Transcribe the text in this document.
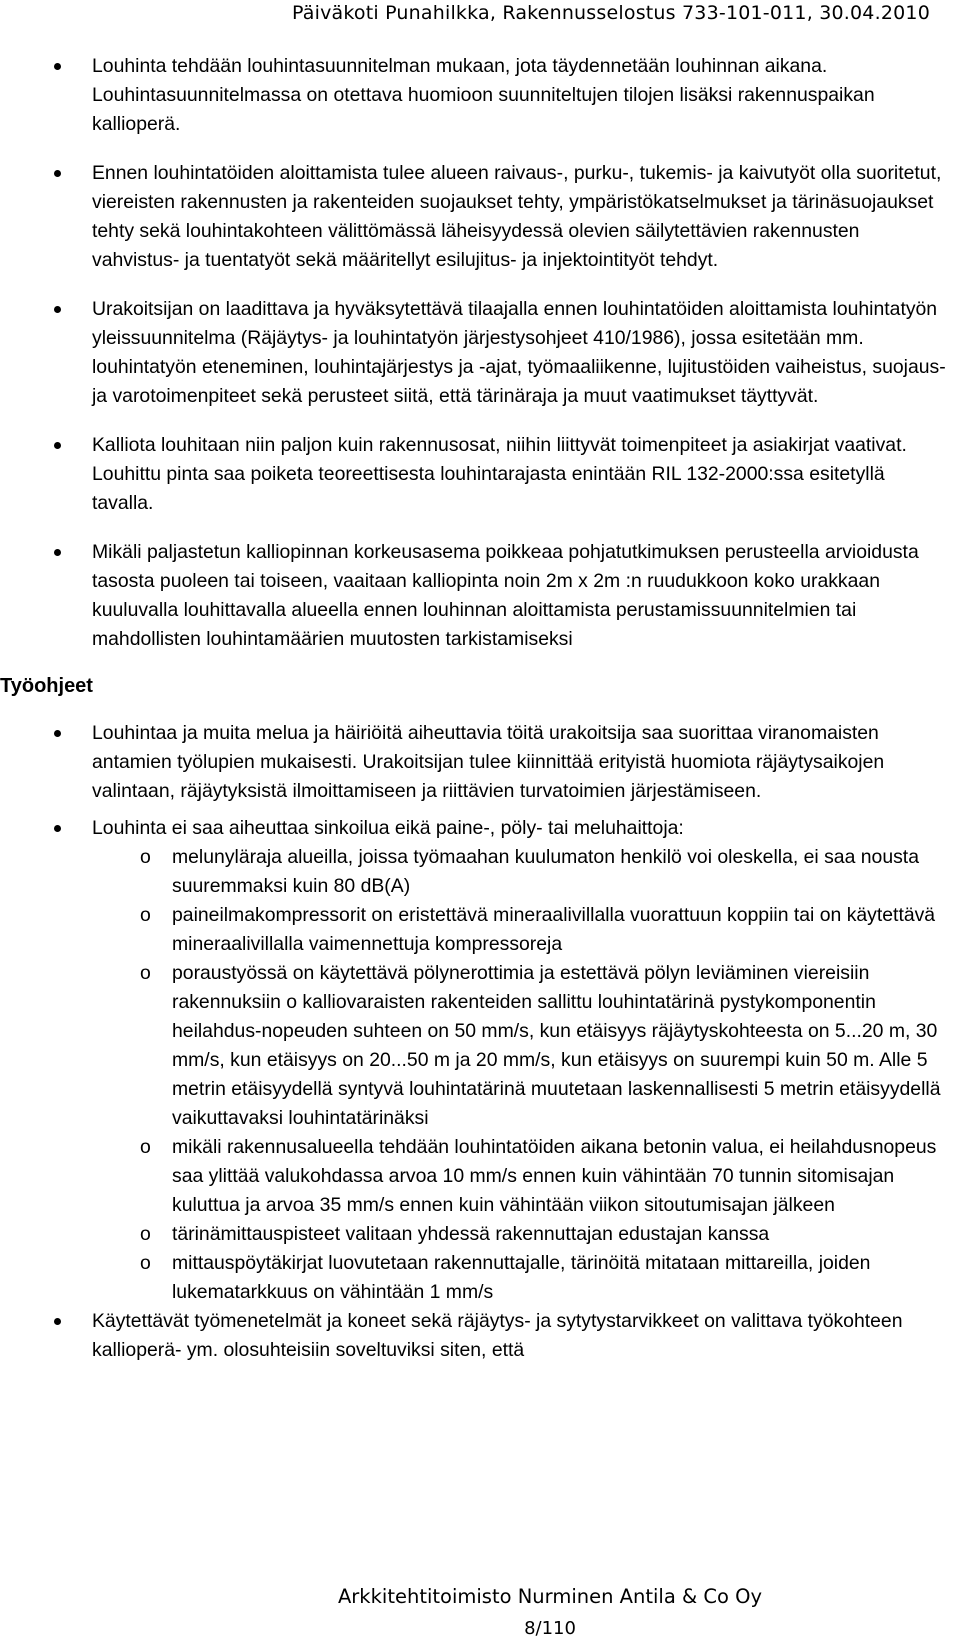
Päiväkoti Punahilkka, Rakennusselostus 733-101-011, 30.04.2010
Louhinta tehdään louhintasuunnitelman mukaan, jota täydennetään louhinnan aikana. Louhintasuunnitelmassa on otettava huomioon suunniteltujen tilojen lisäksi rakennuspaikan kallioperä.
Ennen louhintatöiden aloittamista tulee alueen raivaus-, purku-, tukemis- ja kaivutyöt olla suoritetut, viereisten rakennusten ja rakenteiden suojaukset tehty, ympäristökatselmukset ja tärinäsuojaukset tehty sekä louhintakohteen välittömässä läheisyydessä olevien säilytettävien rakennusten vahvistus- ja tuentatyöt sekä määritellyt esilujitus- ja injektointityöt tehdyt.
Urakoitsijan on laadittava ja hyväksytettävä tilaajalla ennen louhintatöiden aloittamista louhintatyön yleissuunnitelma (Räjäytys- ja louhintatyön järjestysohjeet 410/1986), jossa esitetään mm. louhintatyön eteneminen, louhintajärjestys ja -ajat, työmaaliikenne, lujitustöiden vaiheistus, suojaus- ja varotoimenpiteet sekä perusteet siitä, että tärinäraja ja muut vaatimukset täyttyvät.
Kalliota louhitaan niin paljon kuin rakennusosat, niihin liittyvät toimenpiteet ja asiakirjat vaativat. Louhittu pinta saa poiketa teoreettisesta louhintarajasta enintään RIL 132-2000:ssa esitetyllä tavalla.
Mikäli paljastetun kalliopinnan korkeusasema poikkeaa pohjatutkimuksen perusteella arvioidusta tasosta puoleen tai toiseen, vaaitaan kalliopinta noin 2m x 2m :n ruudukkoon koko urakkaan kuuluvalla louhittavalla alueella ennen louhinnan aloittamista perustamissuunnitelmien tai mahdollisten louhintamäärien muutosten tarkistamiseksi
Työohjeet
Louhintaa ja muita melua ja häiriöitä aiheuttavia töitä urakoitsija saa suorittaa viranomaisten antamien työlupien mukaisesti. Urakoitsijan tulee kiinnittää erityistä huomiota räjäytysaikojen valintaan, räjäytyksistä ilmoittamiseen ja riittävien turvatoimien järjestämiseen.
Louhinta ei saa aiheuttaa sinkoilua eikä paine-, pöly- tai meluhaittoja:
o melunyläraja alueilla, joissa työmaahan kuulumaton henkilö voi oleskella, ei saa nousta suuremmaksi kuin 80 dB(A)
o paineilmakompressorit on eristettävä mineraalivillalla vuorattuun koppiin tai on käytettävä mineraalivillalla vaimennettuja kompressoreja
o poraustyössä on käytettävä pölynerottimia ja estettävä pölyn leviäminen viereisiin rakennuksiin o kalliovaraisten rakenteiden sallittu louhintatärinä pystykomponentin heilahdus-nopeuden suhteen on 50 mm/s, kun etäisyys räjäytyskohteesta on 5...20 m, 30 mm/s, kun etäisyys on 20...50 m ja 20 mm/s, kun etäisyys on suurempi kuin 50 m. Alle 5 metrin etäisyydellä syntyvä louhintatärinä muutetaan laskennallisesti 5 metrin etäisyydellä vaikuttavaksi louhintatärinäksi
o mikäli rakennusalueella tehdään louhintatöiden aikana betonin valua, ei heilahdusnopeus saa ylittää valukohdassa arvoa 10 mm/s ennen kuin vähintään 70 tunnin sitomisajan kuluttua ja arvoa 35 mm/s ennen kuin vähintään viikon sitoutumisajan jälkeen
o tärinämittauspisteet valitaan yhdessä rakennuttajan edustajan kanssa
o mittauspöytäkirjat luovutetaan rakennuttajalle, tärinöitä mitataan mittareilla, joiden lukematarkkuus on vähintään 1 mm/s
Käytettävät työmenetelmät ja koneet sekä räjäytys- ja sytytystarvikkeet on valittava työkohteen kallioperä- ym. olosuhteisiin soveltuviksi siten, että
Arkkitehtitoimisto Nurminen Antila & Co Oy
8/110
